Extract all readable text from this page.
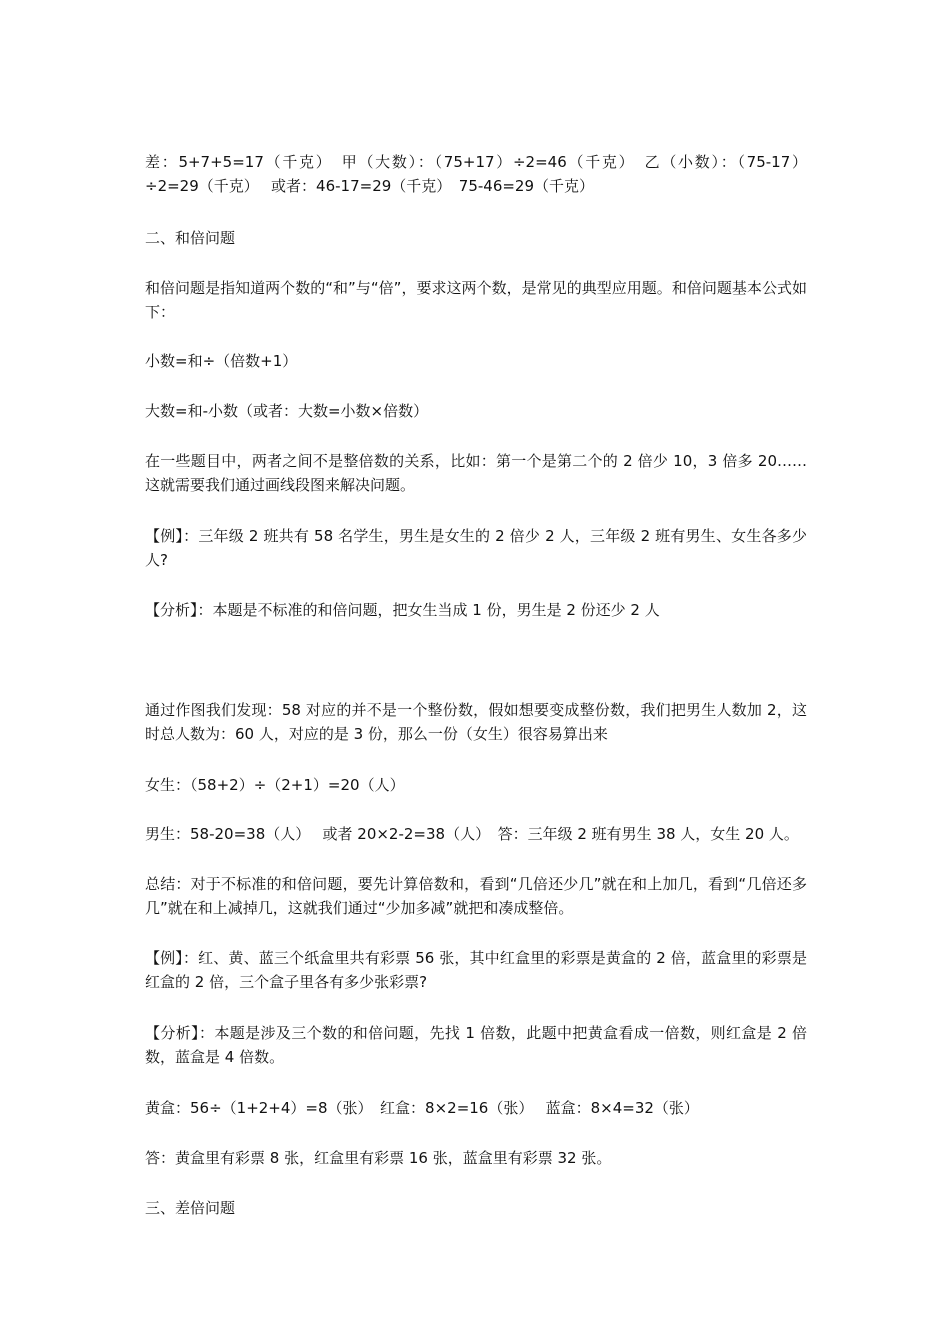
差：5+7+5=17（千克）　甲（大数）：（75+17）÷2=46（千克）　乙（小数）：（75-17）÷2=29（千克）　 或者：46-17=29（千克）　75-46=29（千克）

二、和倍问题

和倍问题是指知道两个数的“和”与“倍”，要求这两个数，是常见的典型应用题。和倍问题基本公式如下：

小数=和÷（倍数+1）

大数=和-小数（或者：大数=小数×倍数）

在一些题目中，两者之间不是整倍数的关系，比如：第一个是第二个的 2 倍少 10，3 倍多 20……这就需要我们通过画线段图来解决问题。

【例】：三年级 2 班共有 58 名学生，男生是女生的 2 倍少 2 人，三年级 2 班有男生、女生各多少人?

【分析】：本题是不标准的和倍问题，把女生当成 1 份，男生是 2 份还少 2 人

通过作图我们发现：58 对应的并不是一个整份数，假如想要变成整份数，我们把男生人数加 2，这时总人数为：60 人，对应的是 3 份，那么一份（女生）很容易算出来

女生：（58+2）÷（2+1）=20（人）

男生：58-20=38（人）　 或者 20×2-2=38（人）　答：三年级 2 班有男生 38 人，女生 20 人。

总结：对于不标准的和倍问题，要先计算倍数和，看到“几倍还少几”就在和上加几，看到“几倍还多几”就在和上减掉几，这就我们通过“少加多减”就把和凑成整倍。

【例】：红、黄、蓝三个纸盒里共有彩票 56 张，其中红盒里的彩票是黄盒的 2 倍，蓝盒里的彩票是红盒的 2 倍，三个盒子里各有多少张彩票?

【分析】：本题是涉及三个数的和倍问题，先找 1 倍数，此题中把黄盒看成一倍数，则红盒是 2 倍数，蓝盒是 4 倍数。

黄盒：56÷（1+2+4）=8（张）　红盒：8×2=16（张）　 蓝盒：8×4=32（张）

答：黄盒里有彩票 8 张，红盒里有彩票 16 张，蓝盒里有彩票 32 张。

三、差倍问题
